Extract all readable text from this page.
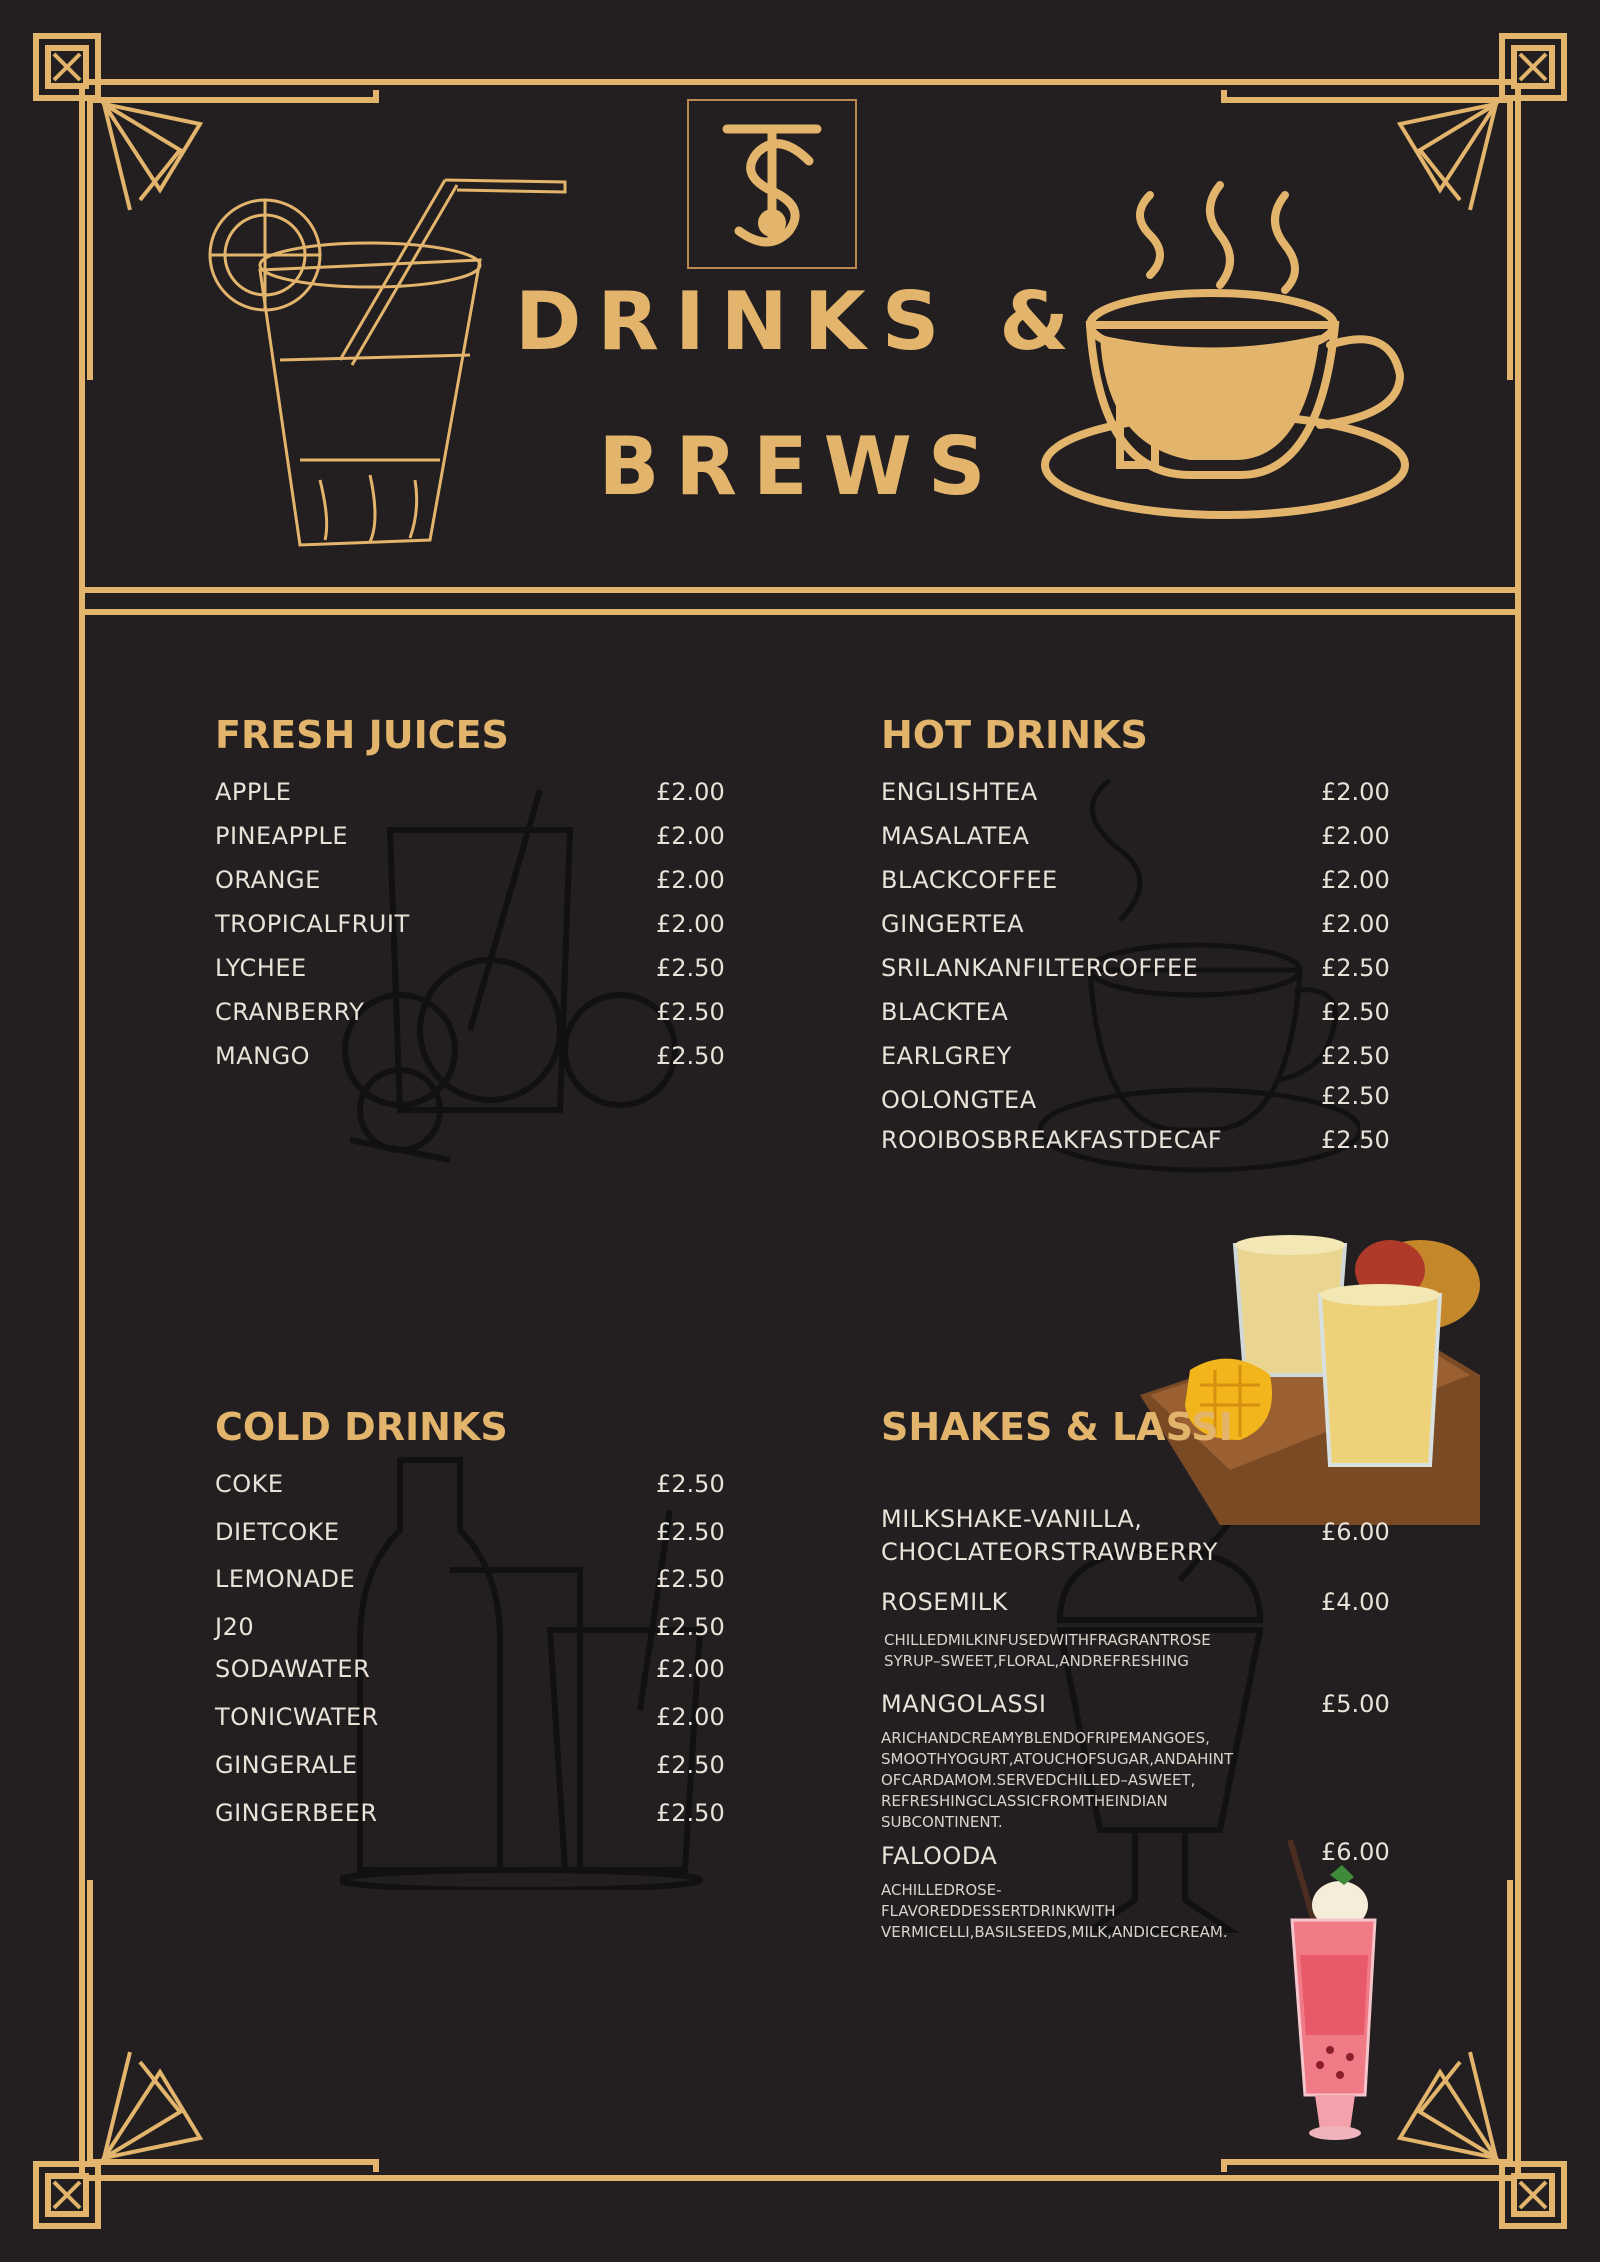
DRINKS &
BREWS
FRESH JUICES
APPLE	£2.00
PINEAPPLE	£2.00
ORANGE	£2.00
TROPICALFRUIT	£2.00
LYCHEE	£2.50
CRANBERRY	£2.50
MANGO	£2.50
HOT DRINKS
ENGLISHTEA	£2.00
MASALATEA	£2.00
BLACKCOFFEE	£2.00
GINGERTEA	£2.00
SRILANKANFILTERCOFFEE	£2.50
BLACKTEA	£2.50
EARLGREY	£2.50
OOLONGTEA	£2.50
ROOIBOSBREAKFASTDECAF	£2.50
COLD DRINKS
COKE	£2.50
DIETCOKE	£2.50
LEMONADE	£2.50
J20	£2.50
SODAWATER	£2.00
TONICWATER	£2.00
GINGERALE	£2.50
GINGERBEER	£2.50
SHAKES & LASSI
MILKSHAKE-VANILLA,
CHOCLATEORSTRAWBERRY
£6.00
ROSEMILK	£4.00
CHILLEDMILKINFUSEDWITHFRAGRANTROSE
SYRUP–SWEET,FLORAL,ANDREFRESHING
MANGOLASSI	£5.00
ARICHANDCREAMYBLENDOFRIPEMANGOES,
SMOOTHYOGURT,ATOUCHOFSUGAR,ANDAHINT
OFCARDAMOM.SERVEDCHILLED–ASWEET,
REFRESHINGCLASSICFROMTHEINDIAN
SUBCONTINENT.
FALOODA	£6.00
ACHILLEDROSE-FLAVOREDDESSERTDRINKWITH
VERMICELLI,BASILSEEDS,MILK,ANDICECREAM.
